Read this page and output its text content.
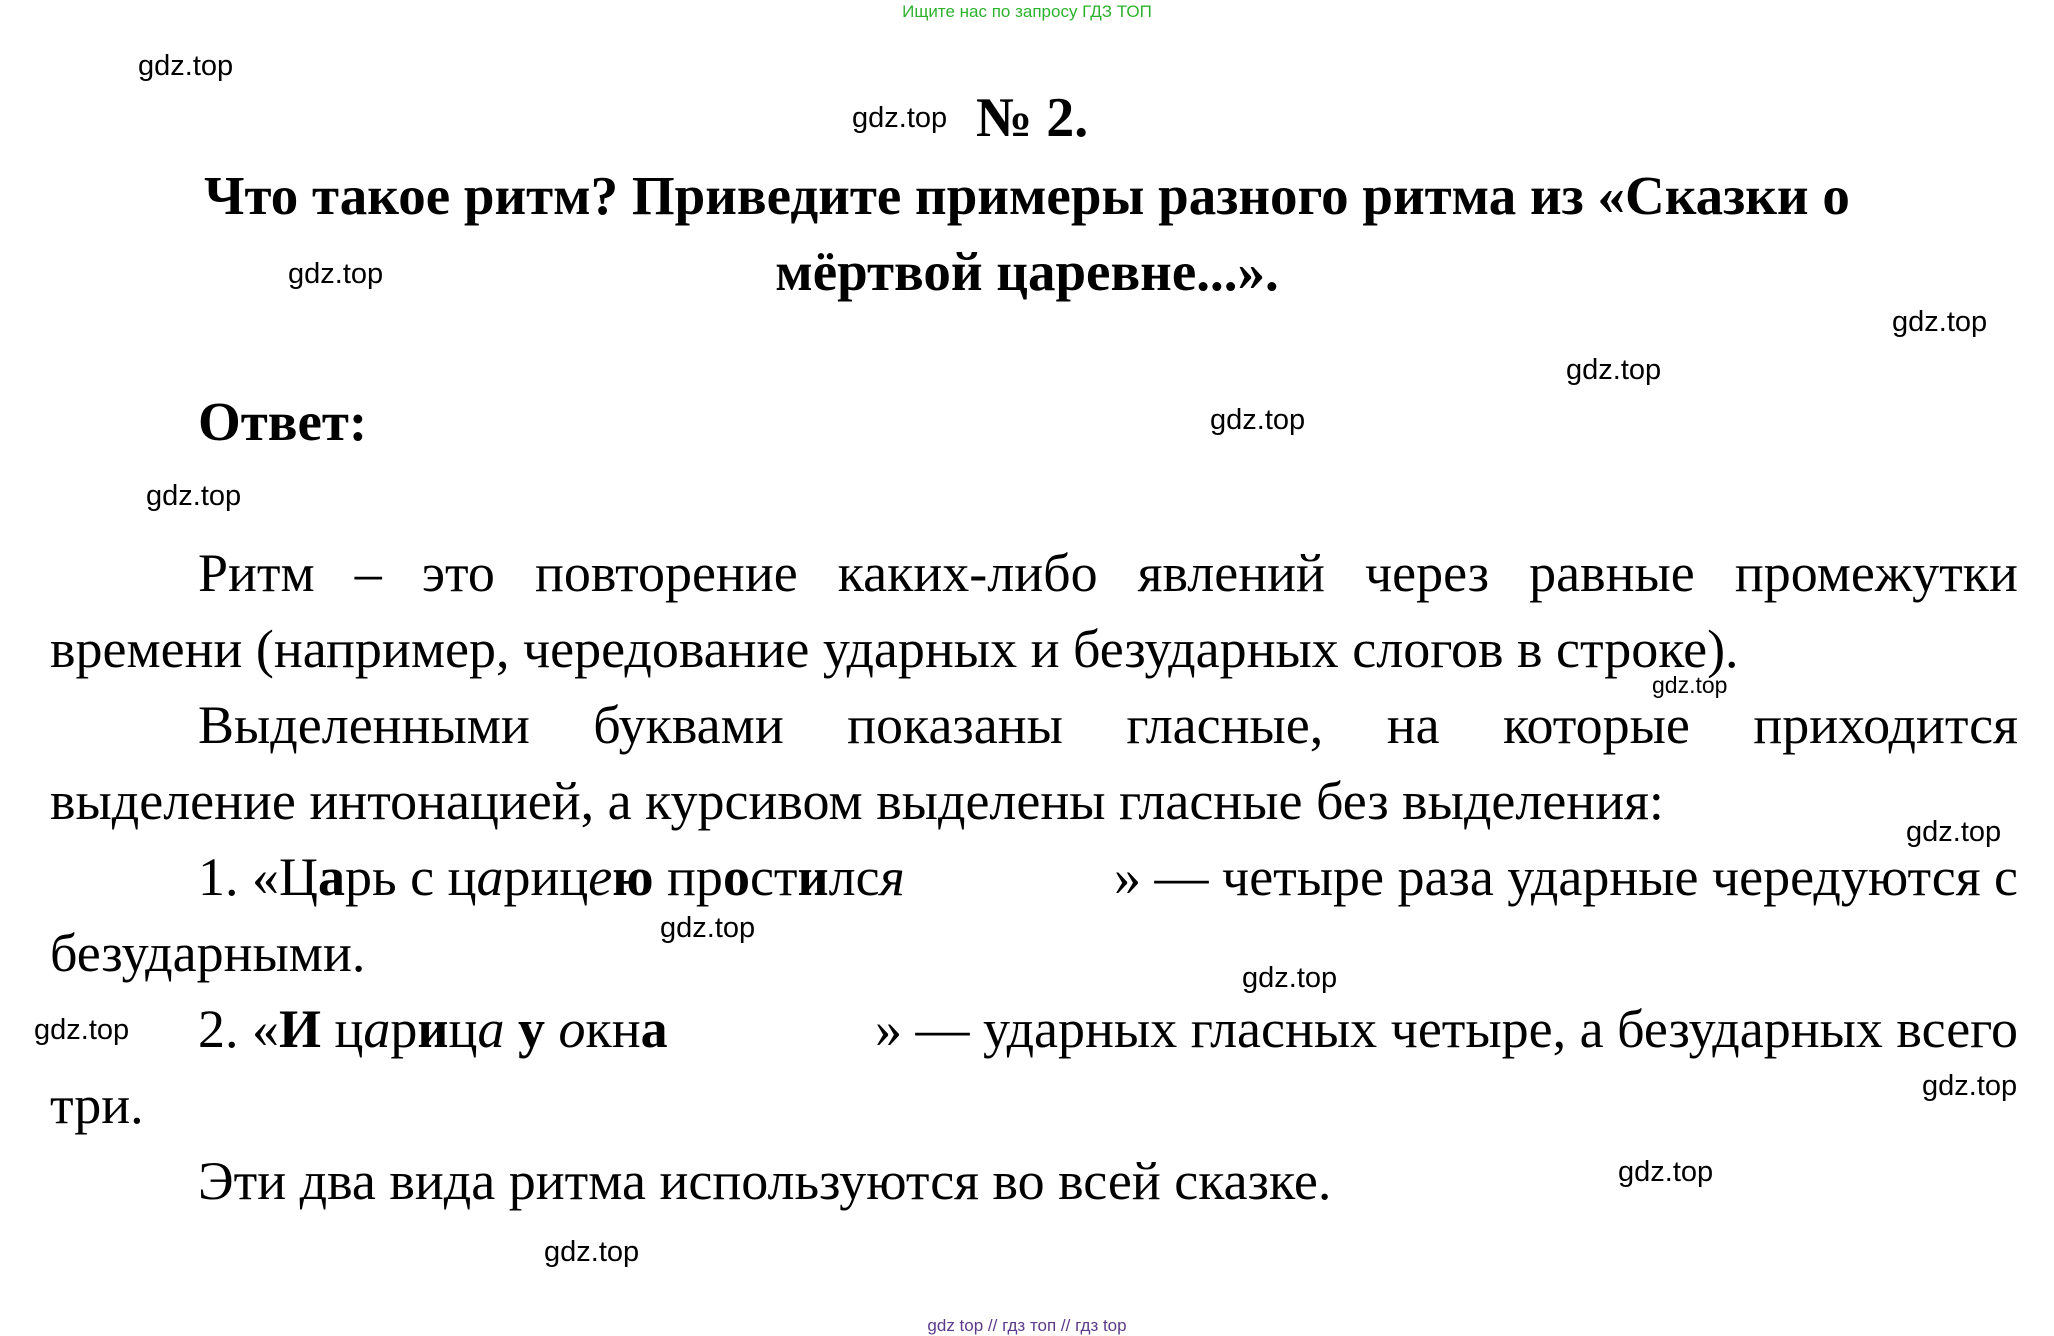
Ищите нас по запросу ГДЗ ТОП
gdz.top
gdz.top
gdz.top
gdz.top
gdz.top
gdz.top
gdz.top
gdz.top
gdz.top
gdz.top
gdz.top
gdz.top
gdz.top
gdz.top
gdz.top
№ 2.
Что такое ритм? Приведите примеры разного ритма из «Сказки о
мёртвой царевне...».
Ответ:
Ритм – это повторение каких-либо явлений через равные промежутки
времени (например, чередование ударных и безударных слогов в строке).
Выделенными буквами показаны гласные, на которые приходится
выделение интонацией, а курсивом выделены гласные без выделения:
1. «Царь с царицею простился	» — четыре раза ударные чередуются с
безударными.
2. «И царица у окна	» — ударных гласных четыре, а безударных всего
три.
Эти два вида ритма используются во всей сказке.
gdz top // гдз топ // гдз top
